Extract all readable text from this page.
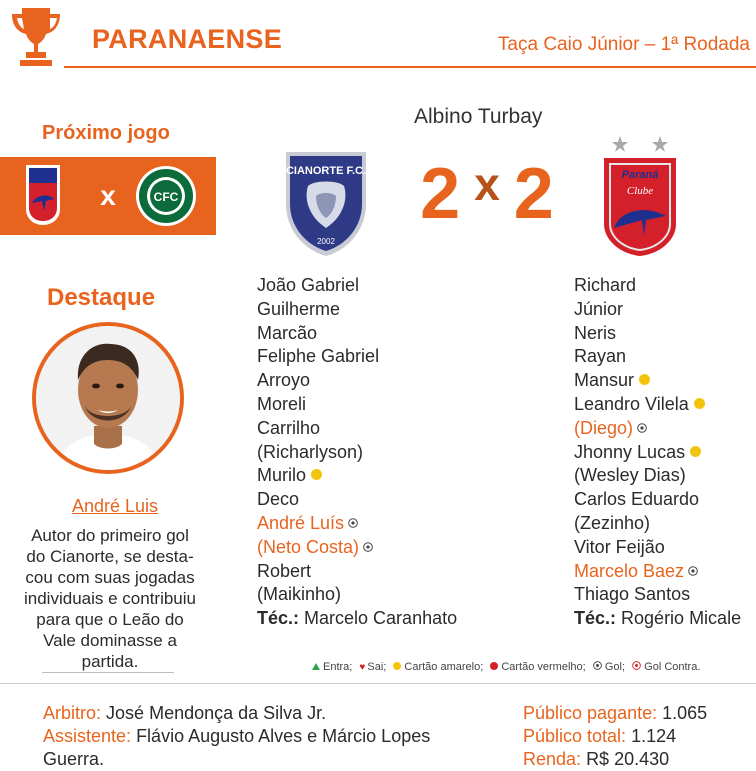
PARANAENSE	Taça Caio Júnior – 1ª Rodada
Próximo jogo
x	CFC
Albino Turbay
2 $^x$ 2
CIANORTE F.C.
2002
Paraná
Clube
Destaque
André Luis
Autor do primeiro gol do Cianorte, se desta-cou com suas jogadas individuais e contribuiu para que o Leão do Vale dominasse a partida.
João Gabriel
Guilherme
Marcão
Feliphe Gabriel
Arroyo
Moreli
Carrilho
(Richarlyson)
Murilo
Deco
André Luís
(Neto Costa)
Robert
(Maikinho)
Téc.: Marcelo Caranhato
Richard
Júnior
Neris
Rayan
Mansur
Leandro Vilela
(Diego)
Jhonny Lucas
(Wesley Dias)
Carlos Eduardo
(Zezinho)
Vitor Feijão
Marcelo Baez
Thiago Santos
Téc.: Rogério Micale
Entra; ♥ Sai; Cartão amarelo; Cartão vermelho; Gol; Gol Contra.
Arbitro: José Mendonça da Silva Jr.
Assistente: Flávio Augusto Alves e Márcio Lopes Guerra.
Público pagante: 1.065
Público total: 1.124
Renda: R$ 20.430
